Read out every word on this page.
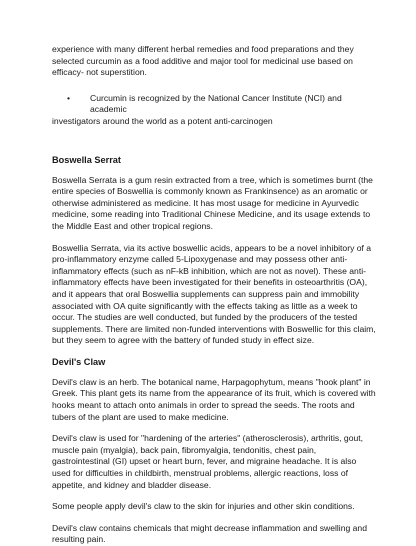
experience with many different herbal remedies and food preparations and they selected curcumin as a food additive and major tool for medicinal use based on efficacy- not superstition.

•	Curcumin is recognized by the National Cancer Institute (NCI) and academic
investigators around the world as a potent anti-carcinogen
Boswella Serrat

Boswella Serrata is a gum resin extracted from a tree, which is sometimes burnt (the entire species of Boswellia is commonly known as Frankinsence) as an aromatic or otherwise administered as medicine. It has most usage for medicine in Ayurvedic medicine, some reading into Traditional Chinese Medicine, and its usage extends to the Middle East and other tropical regions.

Boswellia Serrata, via its active boswellic acids, appears to be a novel inhibitory of a pro-inflammatory enzyme called 5-Lipoxygenase and may possess other anti-inflammatory effects (such as nF-kB inhibition, which are not as novel). These anti-inflammatory effects have been investigated for their benefits in osteoarthritis (OA), and it appears that oral Boswellia supplements can suppress pain and immobility associated with OA quite significantly with the effects taking as little as a week to occur. The studies are well conducted, but funded by the producers of the tested supplements. There are limited non-funded interventions with Boswellic for this claim, but they seem to agree with the battery of funded study in effect size.

Devil's Claw

Devil's claw is an herb. The botanical name, Harpagophytum, means "hook plant" in Greek. This plant gets its name from the appearance of its fruit, which is covered with hooks meant to attach onto animals in order to spread the seeds. The roots and tubers of the plant are used to make medicine.

Devil's claw is used for "hardening of the arteries" (atherosclerosis), arthritis, gout, muscle pain (myalgia), back pain, fibromyalgia, tendonitis, chest pain, gastrointestinal (GI) upset or heart burn, fever, and migraine headache. It is also used for difficulties in childbirth, menstrual problems, allergic reactions, loss of appetite, and kidney and bladder disease.

Some people apply devil's claw to the skin for injuries and other skin conditions.

Devil's claw contains chemicals that might decrease inflammation and swelling and resulting pain.
